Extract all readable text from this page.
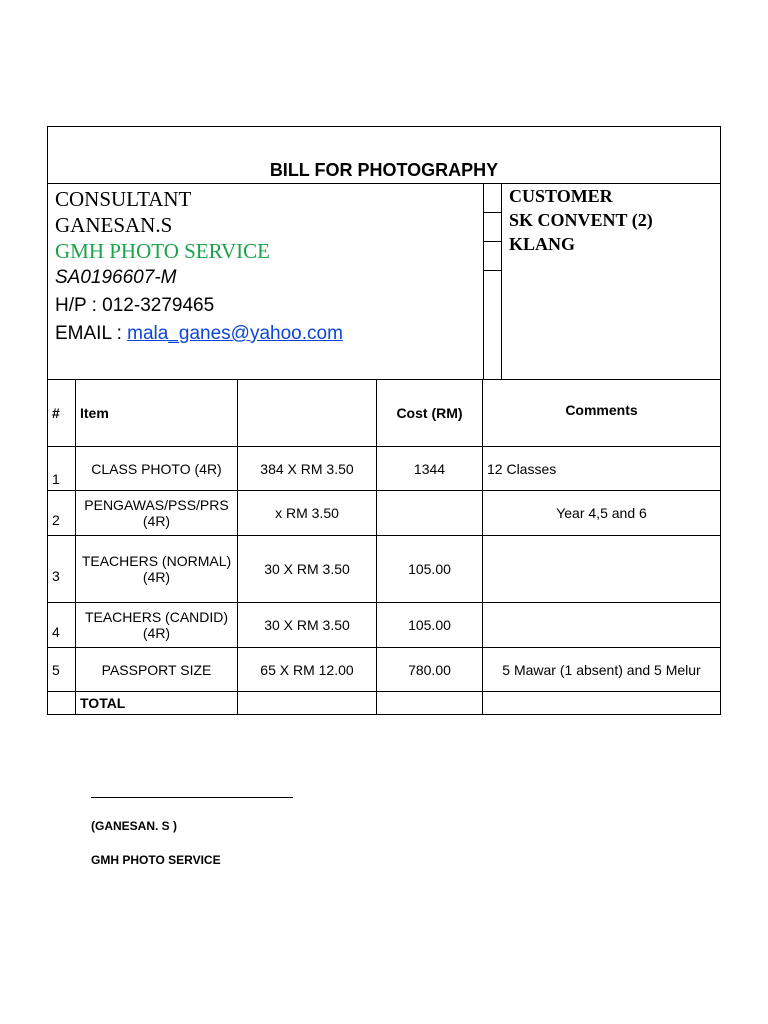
BILL FOR PHOTOGRAPHY
CONSULTANT
GANESAN.S
GMH PHOTO SERVICE
SA0196607-M
H/P : 012-3279465
EMAIL : mala_ganes@yahoo.com
CUSTOMER
SK CONVENT (2)
KLANG
#	Item		Cost (RM)	Comments
1	CLASS PHOTO (4R)	384 X RM 3.50	1344	12 Classes
2	PENGAWAS/PSS/PRS (4R)	x RM 3.50		Year 4,5 and 6
3	TEACHERS (NORMAL) (4R)	30 X RM 3.50	105.00	
4	TEACHERS (CANDID) (4R)	30 X RM 3.50	105.00	
5	PASSPORT SIZE	65 X RM 12.00	780.00	5 Mawar (1 absent) and 5 Melur
	TOTAL			
(GANESAN. S )
GMH PHOTO SERVICE
